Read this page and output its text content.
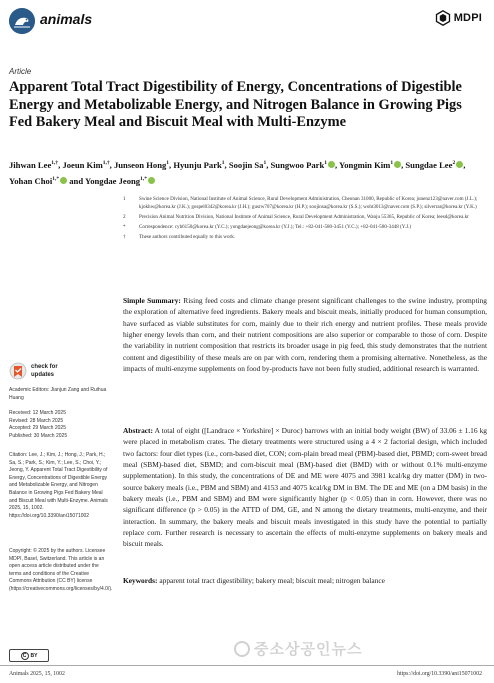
animals	MDPI
Article
Apparent Total Tract Digestibility of Energy, Concentrations of Digestible Energy and Metabolizable Energy, and Nitrogen Balance in Growing Pigs Fed Bakery Meal and Biscuit Meal with Multi-Enzyme
Jihwan Lee$^{1,\dagger}$, Joeun Kim$^{1,\dagger}$, Junseon Hong$^1$, Hyunju Park$^1$, Soojin Sa$^1$, Sungwoo Park$^1$ , Yongmin Kim$^1$ , Sungdae Lee$^2$ , Yohan Choi$^{1,*}$ and Yongdae Jeong$^{1,*}$
1	Swine Science Division, National Institute of Animal Science, Rural Development Administration, Cheonan 31000, Republic of Korea; junenz123@naver.com (J.L.); kjokhw@korea.kr (J.K.); gospel0342@korea.kr (J.H.); gusrw707@korea.kr (H.P.); soojinsa@korea.kr (S.S.); woht3013@naver.com (S.P.); silverrar@korea.kr (Y.K.)
2	Precision Animal Nutrition Division, National Institute of Animal Science, Rural Development Administration, Wanju 55365, Republic of Korea; leesd@korea.kr
*	Correspondence: cyh6150@korea.kr (Y.C.); yongdaejeong@korea.kr (Y.J.); Tel.: +82-041-580-3451 (Y.C.); +82-041-580-3448 (Y.J.)
†	These authors contributed equally to this work.
Simple Summary: Rising feed costs and climate change present significant challenges to the swine industry, prompting the exploration of alternative feed ingredients. Bakery meals and biscuit meals, initially produced for human consumption, have surfaced as viable substitutes for corn, mainly due to their rich energy and nutrient profiles. These meals provide higher energy levels than corn, and their nutrient compositions are also superior or comparable to those of corn. Despite the variability in nutrient composition that restricts its broader usage in pig feed, this study demonstrates that the nutrient content and digestibility of these meals are on par with corn, rendering them a promising alternative. Nonetheless, as the impacts of multi-enzyme supplements on food by-products have not been fully studied, additional research is warranted.
Abstract: A total of eight ([Landrace × Yorkshire] × Duroc) barrows with an initial body weight (BW) of 33.06 ± 1.16 kg were placed in metabolism crates. The dietary treatments were structured using a 4 × 2 factorial design, which included two factors: four diet types (i.e., corn-based diet, CON; corn-plain bread meal (PBM)-based diet, PBMD; corn-sweet bread meal (SBM)-based diet, SBMD; and corn-biscuit meal (BM)-based diet (BMD) with or without 0.1% multi-enzyme supplementation). In this study, the concentrations of DE and ME were 4075 and 3981 kcal/kg dry matter (DM) in two-source bakery meals (i.e., PBM and SBM) and 4153 and 4075 kcal/kg DM in BM. The DE and ME (on a DM basis) in the bakery meals (i.e., PBM and SBM) and BM were significantly higher (p < 0.05) than in corn. However, there was no significant difference (p > 0.05) in the ATTD of DM, GE, and N among the dietary treatments, multi-enzyme, and their interaction. In summary, the bakery meals and biscuit meals investigated in this study have the potential to partially replace corn. Further research is necessary to ascertain the effects of multi-enzyme supplements on bakery meals and biscuit meals.
Keywords: apparent total tract digestibility; bakery meal; biscuit meal; nitrogen balance
check for
updates
Academic Editors: Jianjun Zang and Ruihua Huang
Received: 12 March 2025
Revised: 28 March 2025
Accepted: 29 March 2025
Published: 30 March 2025
Citation: Lee, J.; Kim, J.; Hong, J.; Park, H.; Sa, S.; Park, S.; Kim, Y.; Lee, S.; Choi, Y.; Jeong, Y. Apparent Total Tract Digestibility of Energy, Concentrations of Digestible Energy and Metabolizable Energy, and Nitrogen Balance in Growing Pigs Fed Bakery Meal and Biscuit Meal with Multi-Enzyme. Animals 2025, 15, 1002. https://doi.org/10.3390/ani15071002
Copyright: © 2025 by the authors. Licensee MDPI, Basel, Switzerland. This article is an open access article distributed under the terms and conditions of the Creative Commons Attribution (CC BY) license (https://creativecommons.org/licenses/by/4.0/).
C BY	중소상공인뉴스
Animals 2025, 15, 1002	https://doi.org/10.3390/ani15071002
